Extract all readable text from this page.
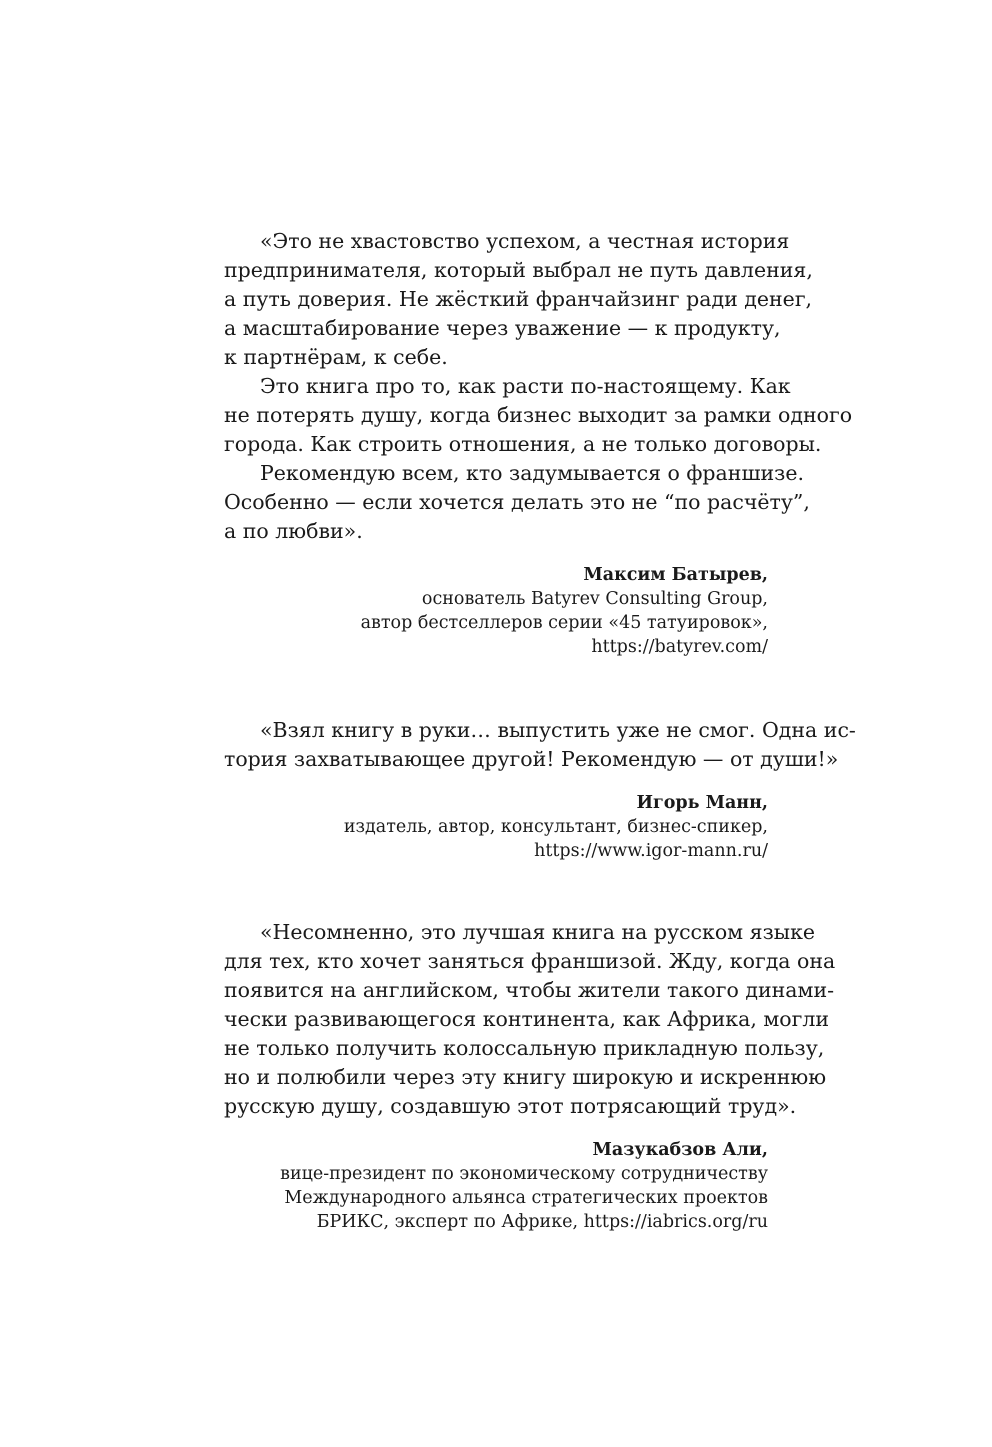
«Это не хвастовство успехом, а честная история
предпринимателя, который выбрал не путь давления,
а путь доверия. Не жёсткий франчайзинг ради денег,
а масштабирование через уважение — к продукту,
к партнёрам, к себе.
Это книга про то, как расти по-настоящему. Как
не потерять душу, когда бизнес выходит за рамки одного
города. Как строить отношения, а не только договоры.
Рекомендую всем, кто задумывается о франшизе.
Особенно — если хочется делать это не “по расчёту”,
а по любви».
Максим Батырев,
основатель Batyrev Consulting Group,
автор бестселлеров серии «45 татуировок»,
https://batyrev.com/
«Взял книгу в руки… выпустить уже не смог. Одна ис-
тория захватывающее другой! Рекомендую — от души!»
Игорь Манн,
издатель, автор, консультант, бизнес-спикер,
https://www.igor-mann.ru/
«Несомненно, это лучшая книга на русском языке
для тех, кто хочет заняться франшизой. Жду, когда она
появится на английском, чтобы жители такого динами-
чески развивающегося континента, как Африка, могли
не только получить колоссальную прикладную пользу,
но и полюбили через эту книгу широкую и искреннюю
русскую душу, создавшую этот потрясающий труд».
Мазукабзов Али,
вице-президент по экономическому сотрудничеству
Международного альянса стратегических проектов
БРИКС, эксперт по Африке, https://iabrics.org/ru
